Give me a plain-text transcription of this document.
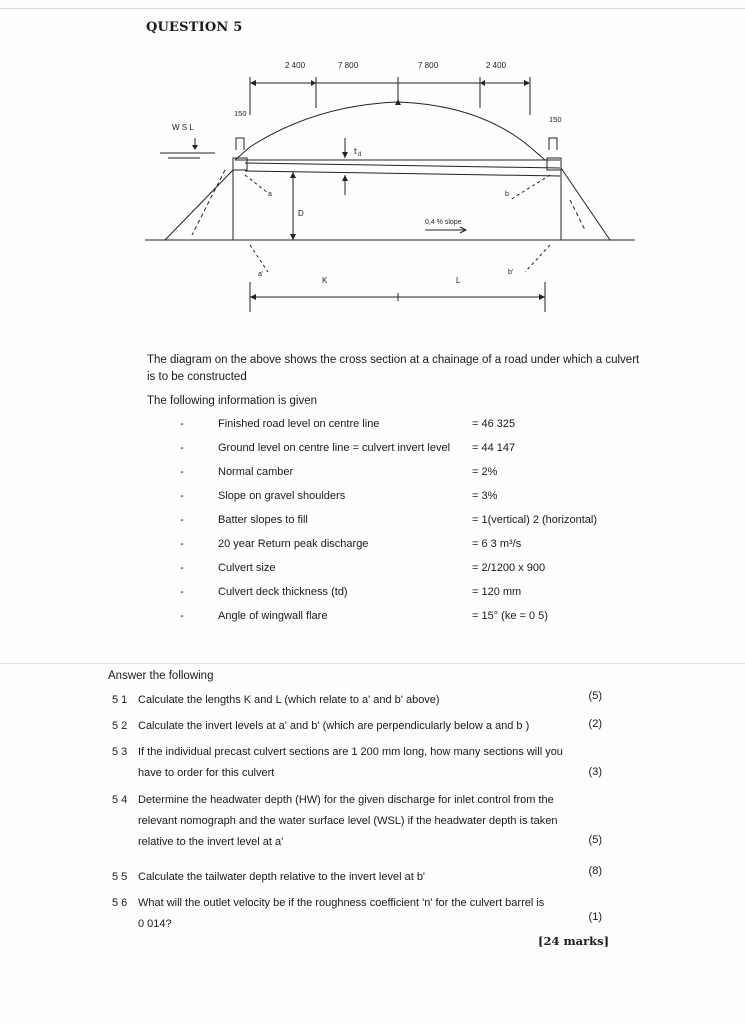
QUESTION 5
2 400	7 800	7 800	2 400
150
150
W S L
t d
a
D
b
0,4 % slope
a'	b'
K	L
The diagram on the above shows the cross section at a chainage of a road under which a culvert is to be constructed
The following information is given
-	Finished road level on centre line	= 46 325
-	Ground level on centre line = culvert invert level = 44 147
-	Normal camber	= 2%
-	Slope on gravel shoulders	= 3%
-	Batter slopes to fill	= 1(vertical) 2 (horizontal)
-	20 year Return peak discharge	= 6 3 m³/s
-	Culvert size	= 2/1200 x 900
-	Culvert deck thickness (td)	= 120 mm
-	Angle of wingwall flare	= 15° (ke = 0 5)
Answer the following
5 1 Calculate the lengths K and L (which relate to a' and b' above)	(5)
5 2 Calculate the invert levels at a' and b' (which are perpendicularly below a and b )	(2)
5 3 If the individual precast culvert sections are 1 200 mm long, how many sections will you
have to order for this culvert	(3)
5 4 Determine the headwater depth (HW) for the given discharge for inlet control from the
relevant nomograph and the water surface level (WSL) if the headwater depth is taken
relative to the invert level at a'	(5)
5 5 Calculate the tailwater depth relative to the invert level at b'	(8)
5 6 What will the outlet velocity be if the roughness coefficient 'n' for the culvert barrel is
0 014?
(1)
[24 marks]
